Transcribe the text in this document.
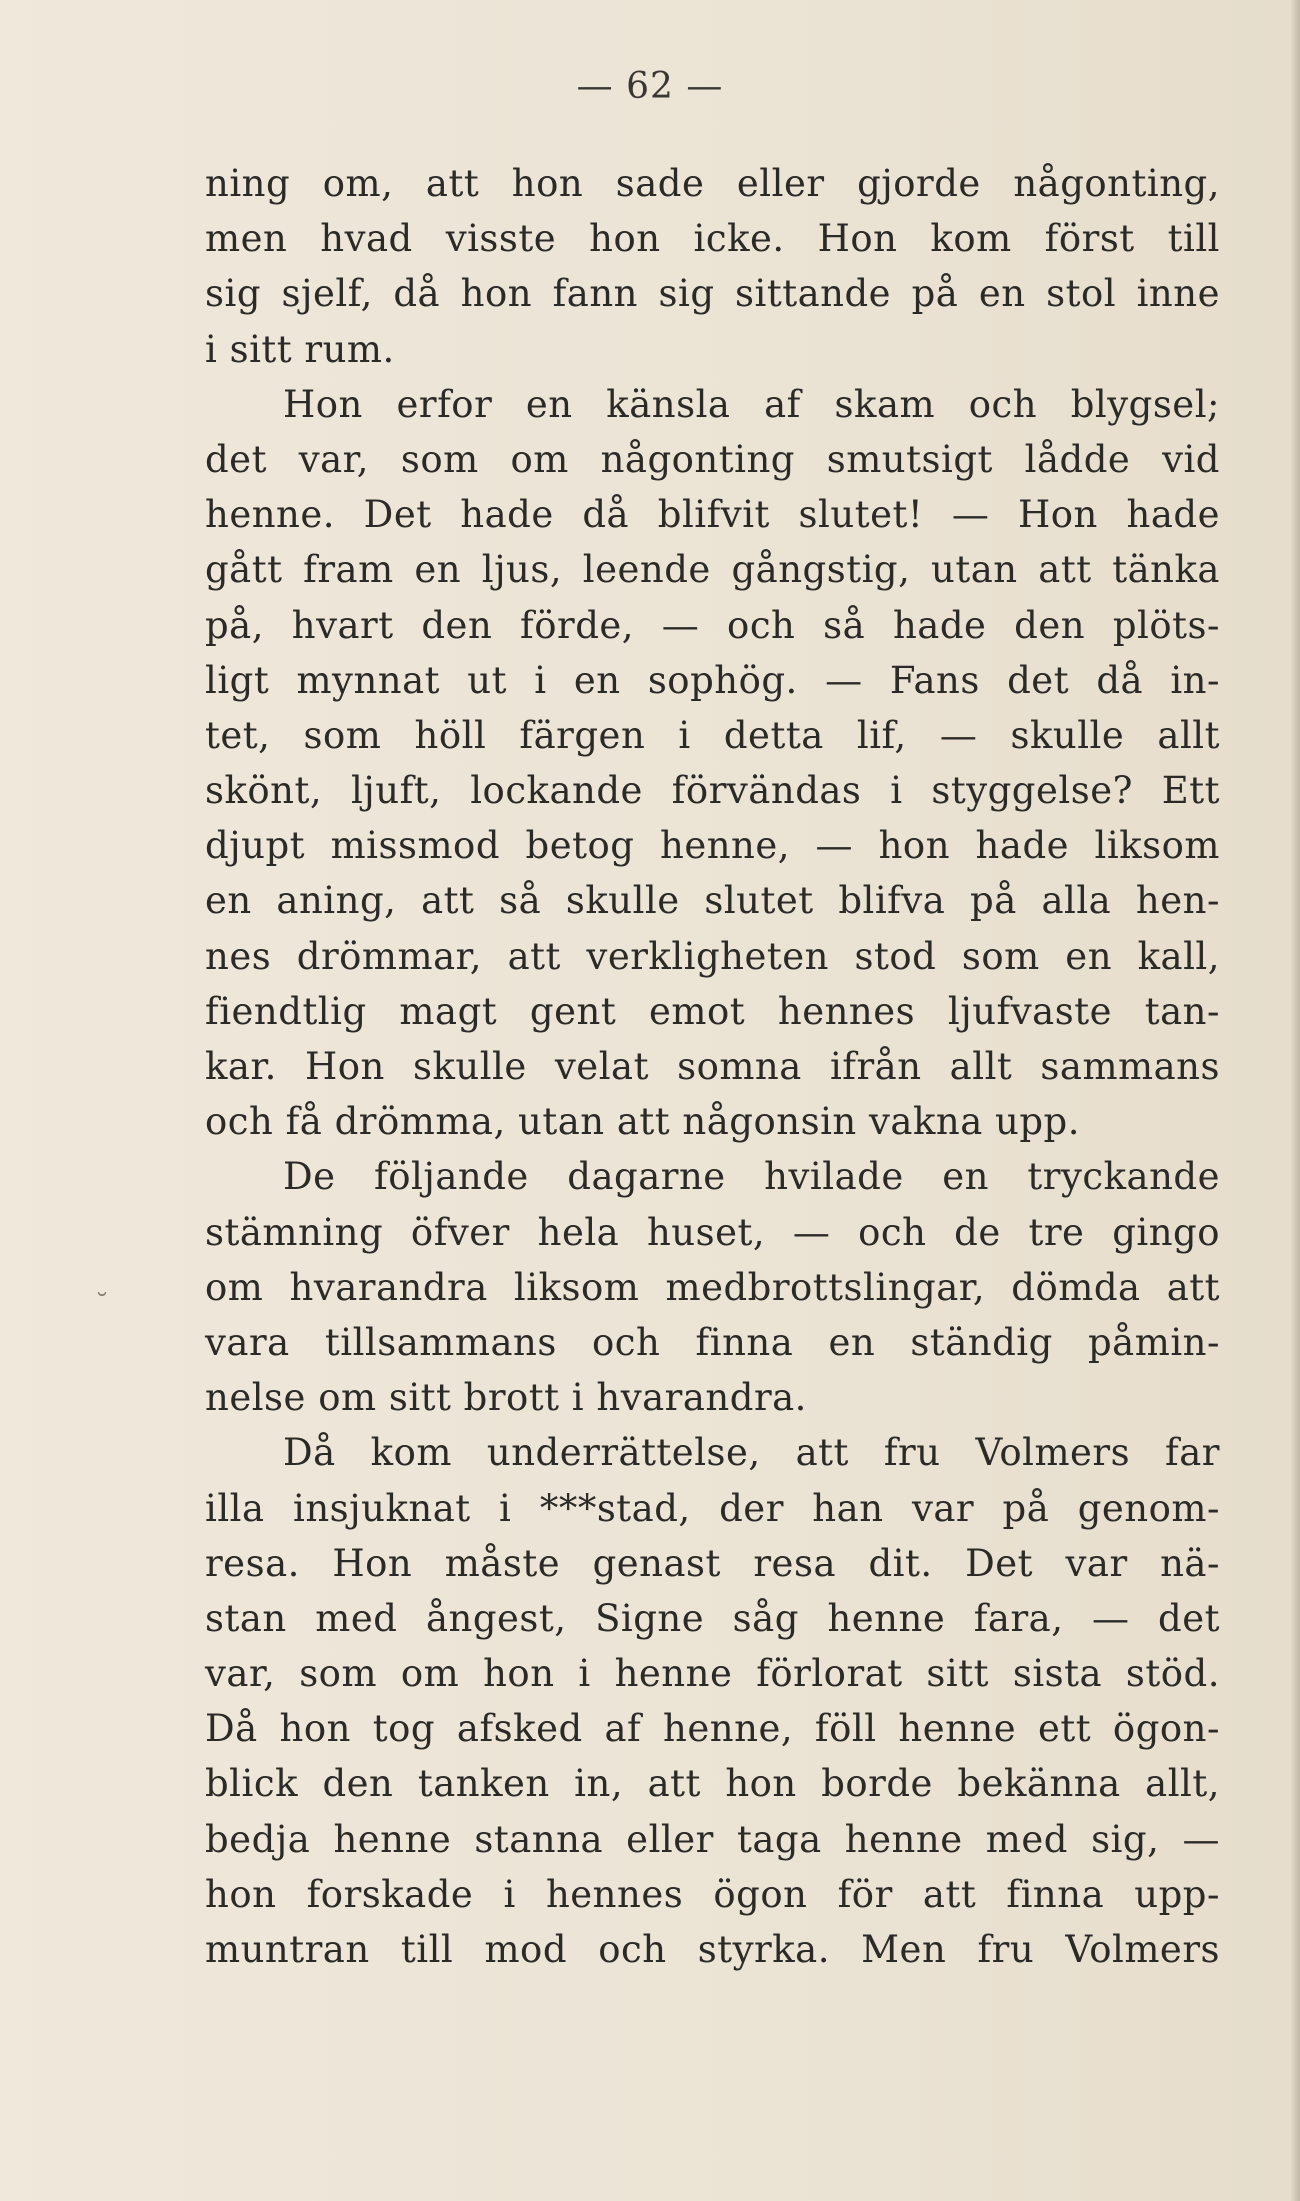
— 62 —
˘
ning om, att hon sade eller gjorde någonting,
men hvad visste hon icke. Hon kom först till
sig sjelf, då hon fann sig sittande på en stol inne
i sitt rum.
Hon erfor en känsla af skam och blygsel;
det var, som om någonting smutsigt lådde vid
henne. Det hade då blifvit slutet! — Hon hade
gått fram en ljus, leende gångstig, utan att tänka
på, hvart den förde, — och så hade den plöts-
ligt mynnat ut i en sophög. — Fans det då in-
tet, som höll färgen i detta lif, — skulle allt
skönt, ljuft, lockande förvändas i styggelse? Ett
djupt missmod betog henne, — hon hade liksom
en aning, att så skulle slutet blifva på alla hen-
nes drömmar, att verkligheten stod som en kall,
fiendtlig magt gent emot hennes ljufvaste tan-
kar. Hon skulle velat somna ifrån allt sammans
och få drömma, utan att någonsin vakna upp.
De följande dagarne hvilade en tryckande
stämning öfver hela huset, — och de tre gingo
om hvarandra liksom medbrottslingar, dömda att
vara tillsammans och finna en ständig påmin-
nelse om sitt brott i hvarandra.
Då kom underrättelse, att fru Volmers far
illa insjuknat i ***stad, der han var på genom-
resa. Hon måste genast resa dit. Det var nä-
stan med ångest, Signe såg henne fara, — det
var, som om hon i henne förlorat sitt sista stöd.
Då hon tog afsked af henne, föll henne ett ögon-
blick den tanken in, att hon borde bekänna allt,
bedja henne stanna eller taga henne med sig, —
hon forskade i hennes ögon för att finna upp-
muntran till mod och styrka. Men fru Volmers
